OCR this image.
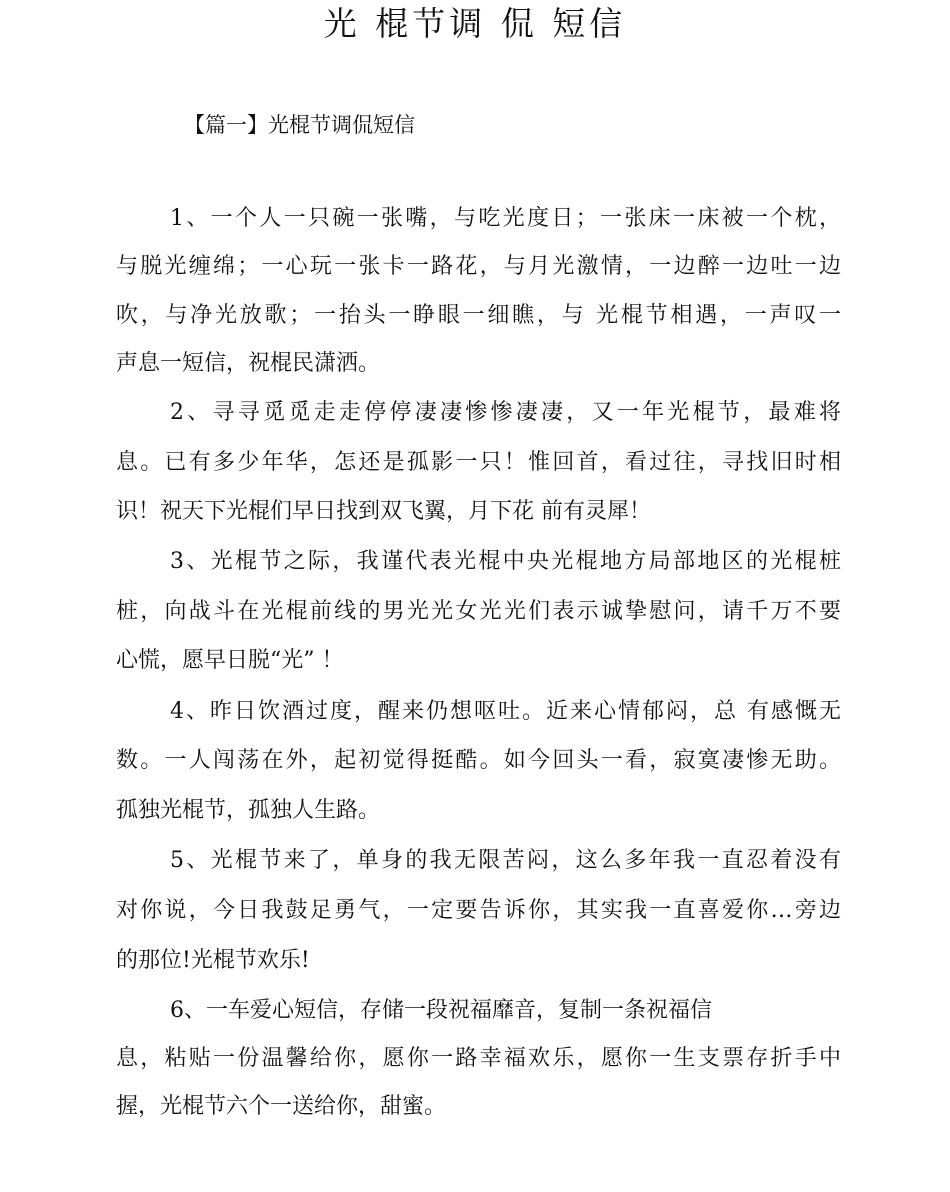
光 棍节调 侃 短信
【篇一】光棍节调侃短信
1、一个人一只碗一张嘴，与吃光度日；一张床一床被一个枕，
与脱光缠绵；一心玩一张卡一路花，与月光激情，一边醉一边吐一边
吹，与净光放歌；一抬头一睁眼一细瞧，与 光棍节相遇，一声叹一
声息一短信，祝棍民潇洒。
2、寻寻觅觅走走停停凄凄惨惨凄凄，又一年光棍节，最难将
息。已有多少年华，怎还是孤影一只！惟回首，看过往，寻找旧时相
识！祝天下光棍们早日找到双飞翼，月下花 前有灵犀！
3、光棍节之际，我谨代表光棍中央光棍地方局部地区的光棍桩
桩，向战斗在光棍前线的男光光女光光们表示诚挚慰问，请千万不要
心慌，愿早日脱“光” ！
4、昨日饮酒过度，醒来仍想呕吐。近来心情郁闷，总 有感慨无
数。一人闯荡在外，起初觉得挺酷。如今回头一看，寂寞凄惨无助。
孤独光棍节，孤独人生路。
5、光棍节来了，单身的我无限苦闷，这么多年我一直忍着没有
对你说，今日我鼓足勇气，一定要告诉你，其实我一直喜爱你…旁边
的那位!光棍节欢乐!
6、一车爱心短信，存储一段祝福靡音，复制一条祝福信
息，粘贴一份温馨给你，愿你一路幸福欢乐，愿你一生支票存折手中
握，光棍节六个一送给你，甜蜜。
